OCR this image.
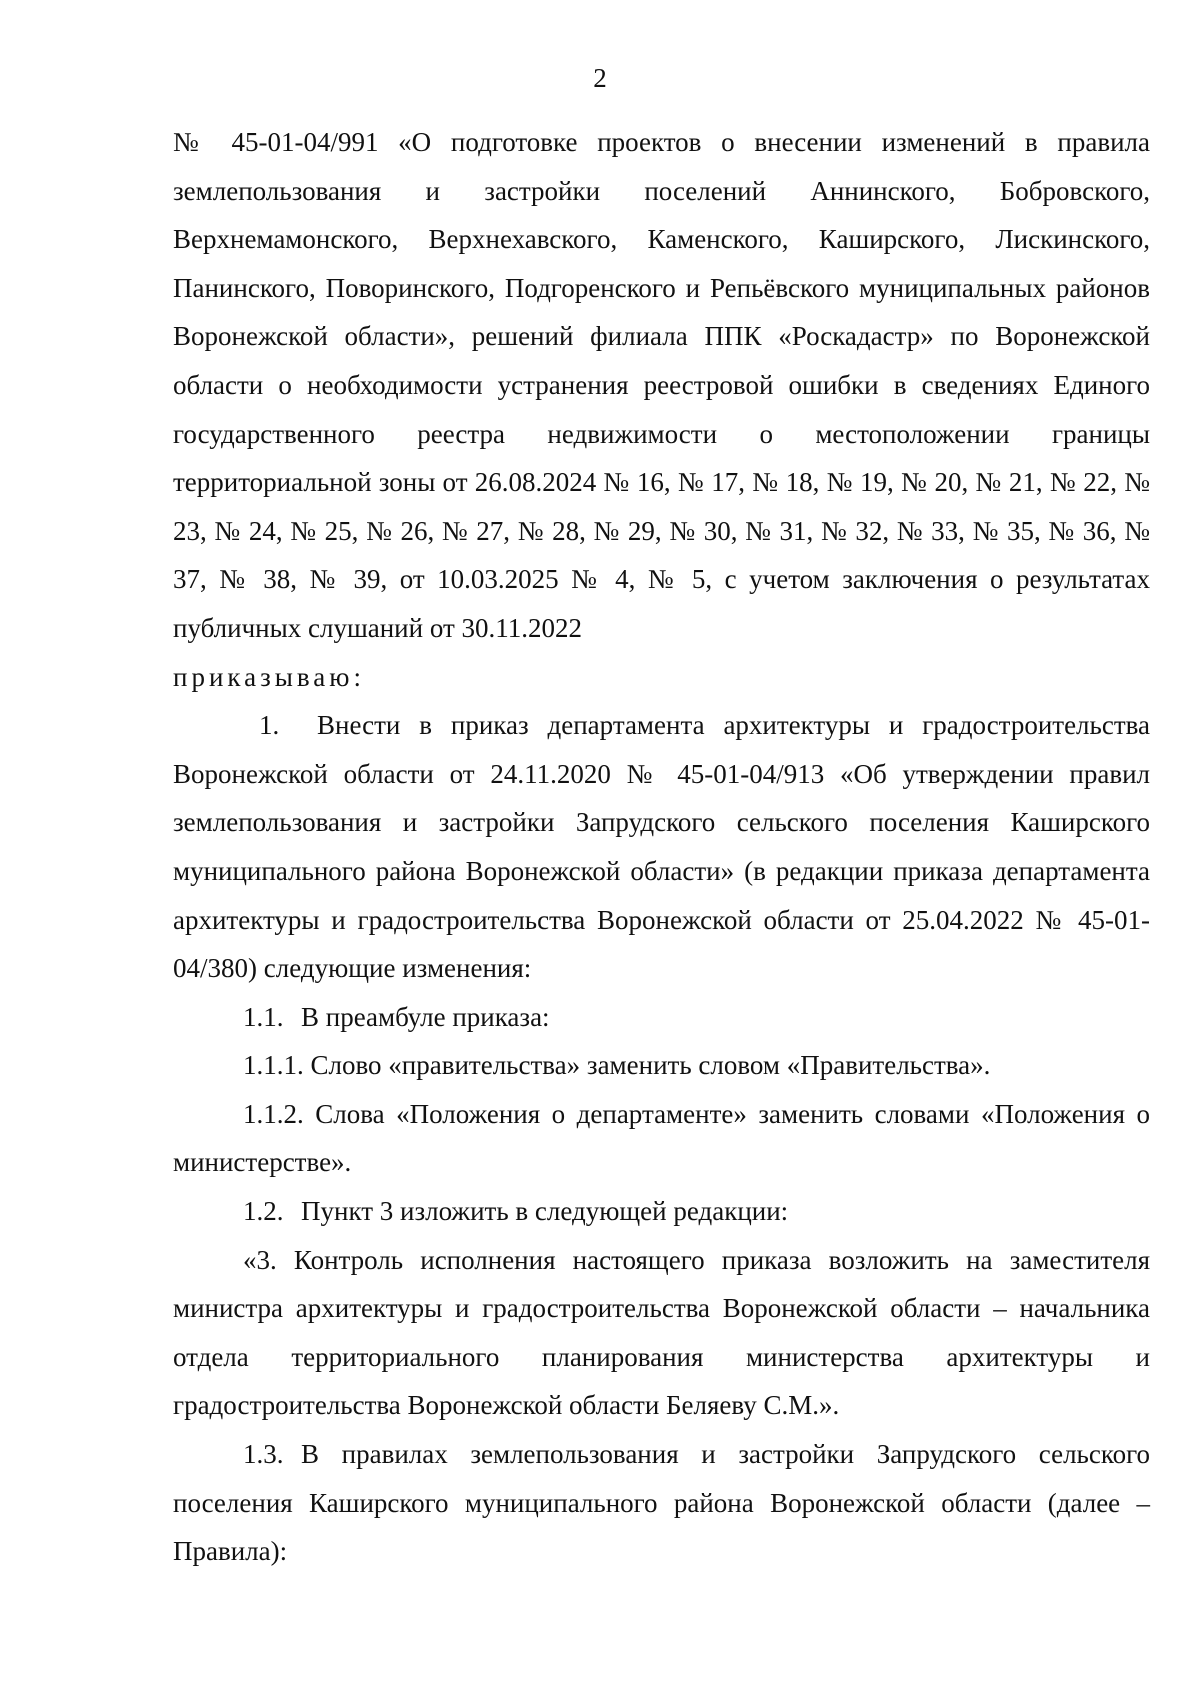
2

№ 45-01-04/991 «О подготовке проектов о внесении изменений в правила землепользования и застройки поселений Аннинского, Бобровского, Верхнемамонского, Верхнехавского, Каменского, Каширского, Лискинского, Панинского, Поворинского, Подгоренского и Репьёвского муниципальных районов Воронежской области», решений филиала ППК «Роскадастр» по Воронежской области о необходимости устранения реестровой ошибки в сведениях Единого государственного реестра недвижимости о местоположении границы территориальной зоны от 26.08.2024 № 16, № 17, № 18, № 19, № 20, № 21, № 22, № 23, № 24, № 25, № 26, № 27, № 28, № 29, № 30, № 31, № 32, № 33, № 35, № 36, № 37, № 38, № 39, от 10.03.2025 № 4, № 5, с учетом заключения о результатах публичных слушаний от 30.11.2022

приказываю:

1. Внести в приказ департамента архитектуры и градостроительства Воронежской области от 24.11.2020 № 45-01-04/913 «Об утверждении правил землепользования и застройки Запрудского сельского поселения Каширского муниципального района Воронежской области» (в редакции приказа департамента архитектуры и градостроительства Воронежской области от 25.04.2022 № 45-01-04/380) следующие изменения:

1.1. В преамбуле приказа:

1.1.1. Слово «правительства» заменить словом «Правительства».

1.1.2. Слова «Положения о департаменте» заменить словами «Положения о министерстве».

1.2. Пункт 3 изложить в следующей редакции:

«3. Контроль исполнения настоящего приказа возложить на заместителя министра архитектуры и градостроительства Воронежской области – начальника отдела территориального планирования министерства архитектуры и градостроительства Воронежской области Беляеву С.М.».

1.3. В правилах землепользования и застройки Запрудского сельского поселения Каширского муниципального района Воронежской области (далее – Правила):
